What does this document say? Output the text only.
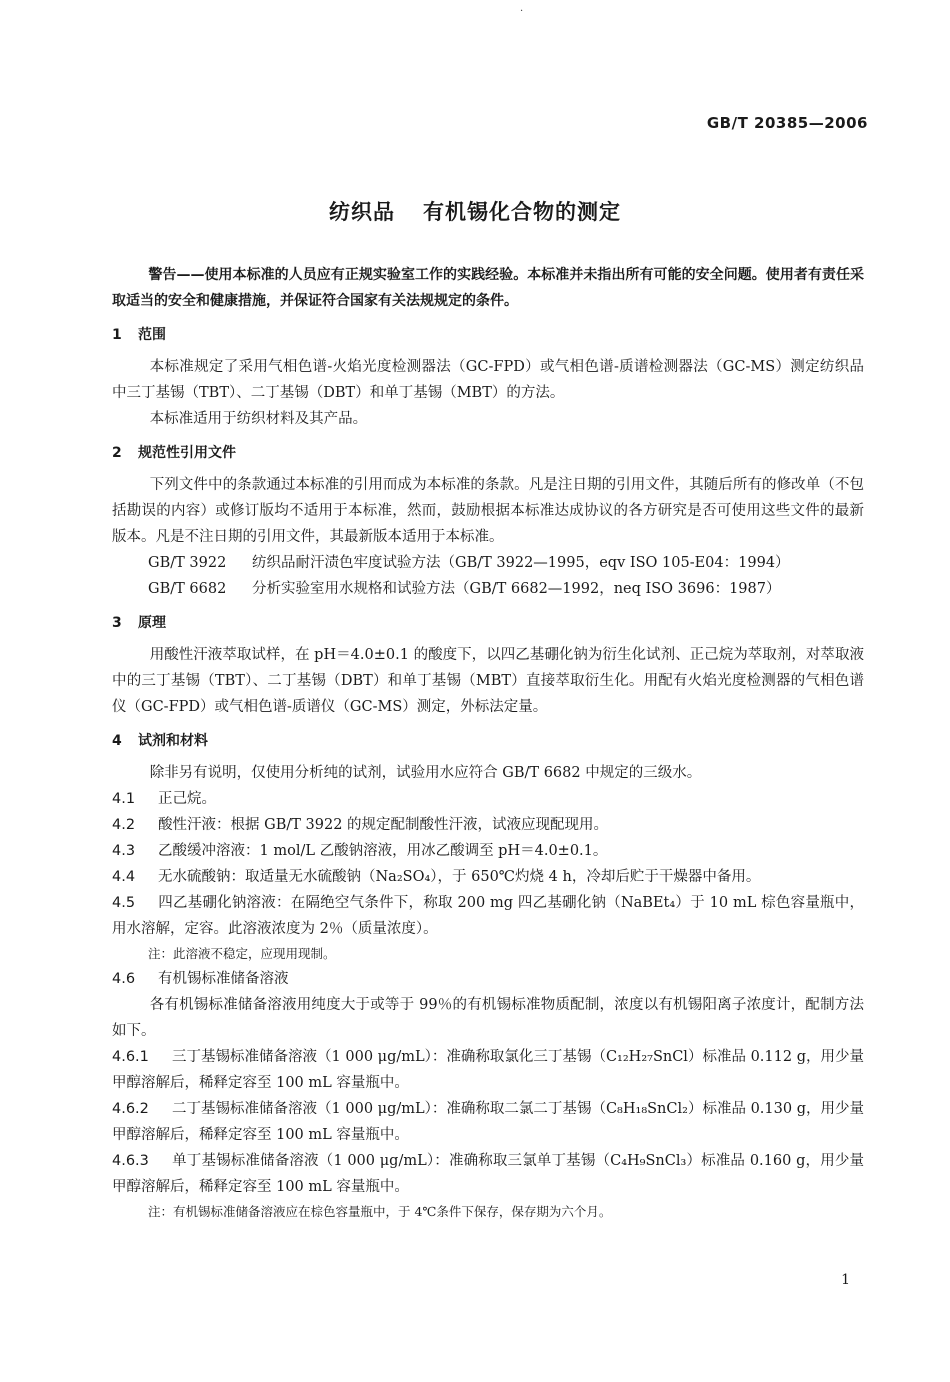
·
GB/T 20385—2006
纺织品 有机锡化合物的测定

警告——使用本标准的人员应有正规实验室工作的实践经验。本标准并未指出所有可能的安全问题。使用者有责任采取适当的安全和健康措施，并保证符合国家有关法规规定的条件。

1 范围

本标准规定了采用气相色谱-火焰光度检测器法（GC-FPD）或气相色谱-质谱检测器法（GC-MS）测定纺织品中三丁基锡（TBT）、二丁基锡（DBT）和单丁基锡（MBT）的方法。

本标准适用于纺织材料及其产品。

2 规范性引用文件

下列文件中的条款通过本标准的引用而成为本标准的条款。凡是注日期的引用文件，其随后所有的修改单（不包括勘误的内容）或修订版均不适用于本标准，然而，鼓励根据本标准达成协议的各方研究是否可使用这些文件的最新版本。凡是不注日期的引用文件，其最新版本适用于本标准。

GB/T 3922 纺织品耐汗渍色牢度试验方法（GB/T 3922—1995，eqv ISO 105-E04：1994）

GB/T 6682 分析实验室用水规格和试验方法（GB/T 6682—1992，neq ISO 3696：1987）

3 原理

用酸性汗液萃取试样，在 pH＝4.0±0.1 的酸度下，以四乙基硼化钠为衍生化试剂、正己烷为萃取剂，对萃取液中的三丁基锡（TBT）、二丁基锡（DBT）和单丁基锡（MBT）直接萃取衍生化。用配有火焰光度检测器的气相色谱仪（GC-FPD）或气相色谱-质谱仪（GC-MS）测定，外标法定量。

4 试剂和材料

除非另有说明，仅使用分析纯的试剂，试验用水应符合 GB/T 6682 中规定的三级水。

4.1 正己烷。

4.2 酸性汗液：根据 GB/T 3922 的规定配制酸性汗液，试液应现配现用。

4.3 乙酸缓冲溶液：1 mol/L 乙酸钠溶液，用冰乙酸调至 pH＝4.0±0.1。

4.4 无水硫酸钠：取适量无水硫酸钠（Na₂SO₄），于 650℃灼烧 4 h，冷却后贮于干燥器中备用。

4.5 四乙基硼化钠溶液：在隔绝空气条件下，称取 200 mg 四乙基硼化钠（NaBEt₄）于 10 mL 棕色容量瓶中，用水溶解，定容。此溶液浓度为 2％（质量浓度）。

注：此溶液不稳定，应现用现制。

4.6 有机锡标准储备溶液

各有机锡标准储备溶液用纯度大于或等于 99％的有机锡标准物质配制，浓度以有机锡阳离子浓度计，配制方法如下。

4.6.1 三丁基锡标准储备溶液（1 000 μg/mL）：准确称取氯化三丁基锡（C₁₂H₂₇SnCl）标准品 0.112 g，用少量甲醇溶解后，稀释定容至 100 mL 容量瓶中。

4.6.2 二丁基锡标准储备溶液（1 000 μg/mL）：准确称取二氯二丁基锡（C₈H₁₈SnCl₂）标准品 0.130 g，用少量甲醇溶解后，稀释定容至 100 mL 容量瓶中。

4.6.3 单丁基锡标准储备溶液（1 000 μg/mL）：准确称取三氯单丁基锡（C₄H₉SnCl₃）标准品 0.160 g，用少量甲醇溶解后，稀释定容至 100 mL 容量瓶中。

注：有机锡标准储备溶液应在棕色容量瓶中，于 4℃条件下保存，保存期为六个月。

1
